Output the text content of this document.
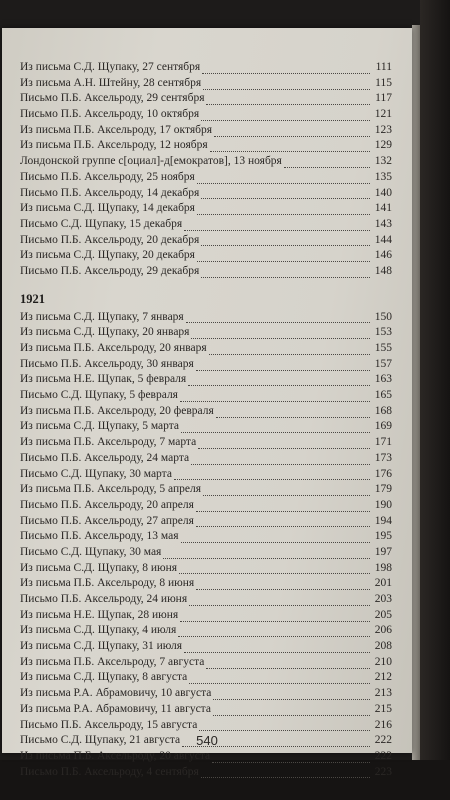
540
Из письма С.Д. Щупаку, 27 сентября	111
Из письма А.Н. Штейну, 28 сентября	115
Письмо П.Б. Аксельроду, 29 сентября	117
Письмо П.Б. Аксельроду, 10 октября	121
Из письма П.Б. Аксельроду, 17 октября	123
Из письма П.Б. Аксельроду, 12 ноября	129
Лондонской группе с[оциал]-д[емократов], 13 ноября	132
Письмо П.Б. Аксельроду, 25 ноября	135
Письмо П.Б. Аксельроду, 14 декабря	140
Из письма С.Д. Щупаку, 14 декабря	141
Письмо С.Д. Щупаку, 15 декабря	143
Письмо П.Б. Аксельроду, 20 декабря	144
Из письма С.Д. Щупаку, 20 декабря	146
Письмо П.Б. Аксельроду, 29 декабря	148
1921
Из письма С.Д. Щупаку, 7 января	150
Из письма С.Д. Щупаку, 20 января	153
Из письма П.Б. Аксельроду, 20 января	155
Письмо П.Б. Аксельроду, 30 января	157
Из письма Н.Е. Щупак, 5 февраля	163
Письмо С.Д. Щупаку, 5 февраля	165
Из письма П.Б. Аксельроду, 20 февраля	168
Из письма С.Д. Щупаку, 5 марта	169
Из письма П.Б. Аксельроду, 7 марта	171
Письмо П.Б. Аксельроду, 24 марта	173
Письмо С.Д. Щупаку, 30 марта	176
Из письма П.Б. Аксельроду, 5 апреля	179
Письмо П.Б. Аксельроду, 20 апреля	190
Письмо П.Б. Аксельроду, 27 апреля	194
Письмо П.Б. Аксельроду, 13 мая	195
Письмо С.Д. Щупаку, 30 мая	197
Из письма С.Д. Щупаку, 8 июня	198
Из письма П.Б. Аксельроду, 8 июня	201
Письмо П.Б. Аксельроду, 24 июня	203
Из письма Н.Е. Щупак, 28 июня	205
Из письма С.Д. Щупаку, 4 июля	206
Из письма С.Д. Щупаку, 31 июля	208
Из письма П.Б. Аксельроду, 7 августа	210
Из письма С.Д. Щупаку, 8 августа	212
Из письма Р.А. Абрамовичу, 10 августа	213
Из письма Р.А. Абрамовичу, 11 августа	215
Письмо П.Б. Аксельроду, 15 августа	216
Письмо С.Д. Щупаку, 21 августа	222
Из письма П.Б. Аксельроду, 20 августа	222
Письмо П.Б. Аксельроду, 4 сентября	223
